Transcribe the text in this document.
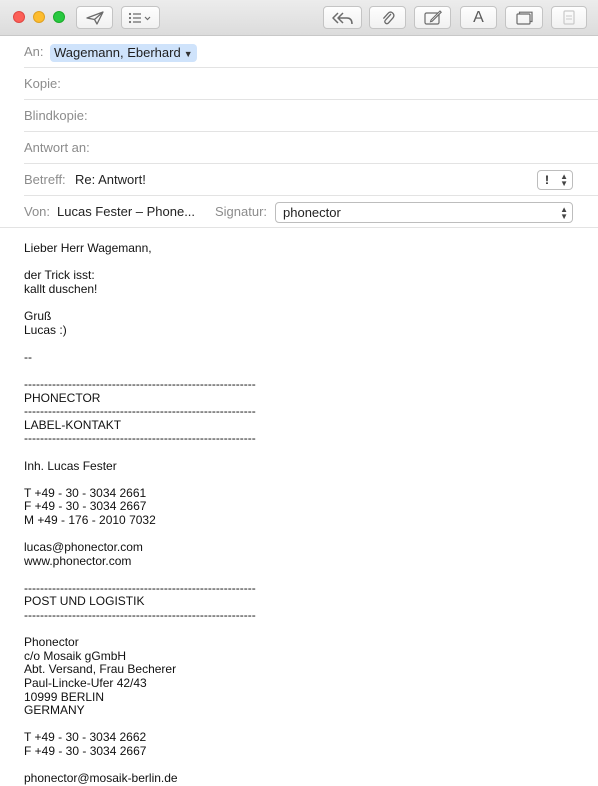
A
An: Wagemann, Eberhard ▼
Kopie:
Blindkopie:
Antwort an:
Betreff: Re: Antwort!	! ▲
▼
Von: Lucas Fester – Phone... Signatur:	phonector	▲
▼
Lieber Herr Wagemann,
der Trick isst:
kallt duschen!
Gruß
Lucas :)
--
----------------------------------------------------------
PHONECTOR
----------------------------------------------------------
LABEL-KONTAKT
----------------------------------------------------------
Inh. Lucas Fester
T +49 - 30 - 3034 2661
F +49 - 30 - 3034 2667
M +49 - 176 - 2010 7032
lucas@phonector.com
www.phonector.com
----------------------------------------------------------
POST UND LOGISTIK
----------------------------------------------------------
Phonector
c/o Mosaik gGmbH
Abt. Versand, Frau Becherer
Paul-Lincke-Ufer 42/43
10999 BERLIN
GERMANY
T +49 - 30 - 3034 2662
F +49 - 30 - 3034 2667
phonector@mosaik-berlin.de
